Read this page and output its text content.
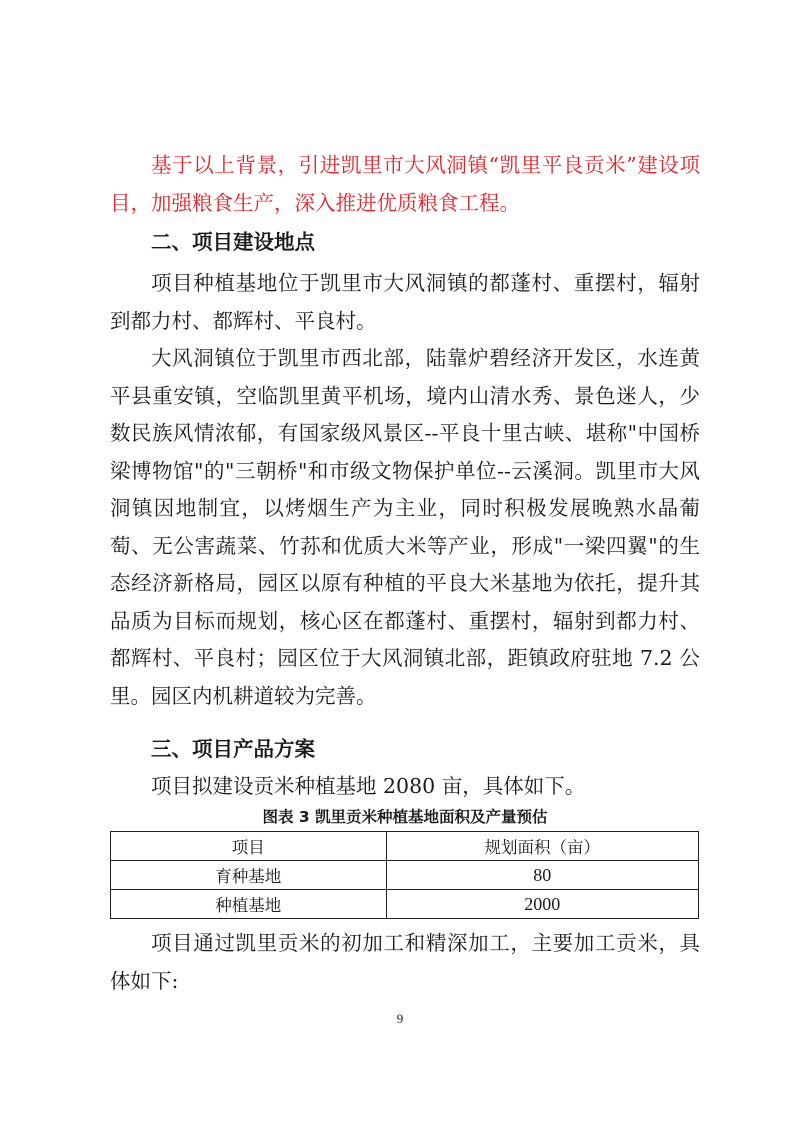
基于以上背景，引进凯里市大风洞镇“凯里平良贡米”建设项目，加强粮食生产，深入推进优质粮食工程。

二、项目建设地点

项目种植基地位于凯里市大风洞镇的都蓬村、重摆村，辐射到都力村、都辉村、平良村。

大风洞镇位于凯里市西北部，陆靠炉碧经济开发区，水连黄平县重安镇，空临凯里黄平机场，境内山清水秀、景色迷人，少数民族风情浓郁，有国家级风景区--平良十里古峡、堪称"中国桥梁博物馆"的"三朝桥"和市级文物保护单位--云溪洞。凯里市大风洞镇因地制宜，以烤烟生产为主业，同时积极发展晚熟水晶葡萄、无公害蔬菜、竹荪和优质大米等产业，形成"一梁四翼"的生态经济新格局，园区以原有种植的平良大米基地为依托，提升其品质为目标而规划，核心区在都蓬村、重摆村，辐射到都力村、都辉村、平良村；园区位于大风洞镇北部，距镇政府驻地 7.2 公里。园区内机耕道较为完善。

三、项目产品方案

项目拟建设贡米种植基地 2080 亩，具体如下。

图表 3 凯里贡米种植基地面积及产量预估

项目	规划面积（亩）
育种基地	80
种植基地	2000

项目通过凯里贡米的初加工和精深加工，主要加工贡米，具体如下:

9
